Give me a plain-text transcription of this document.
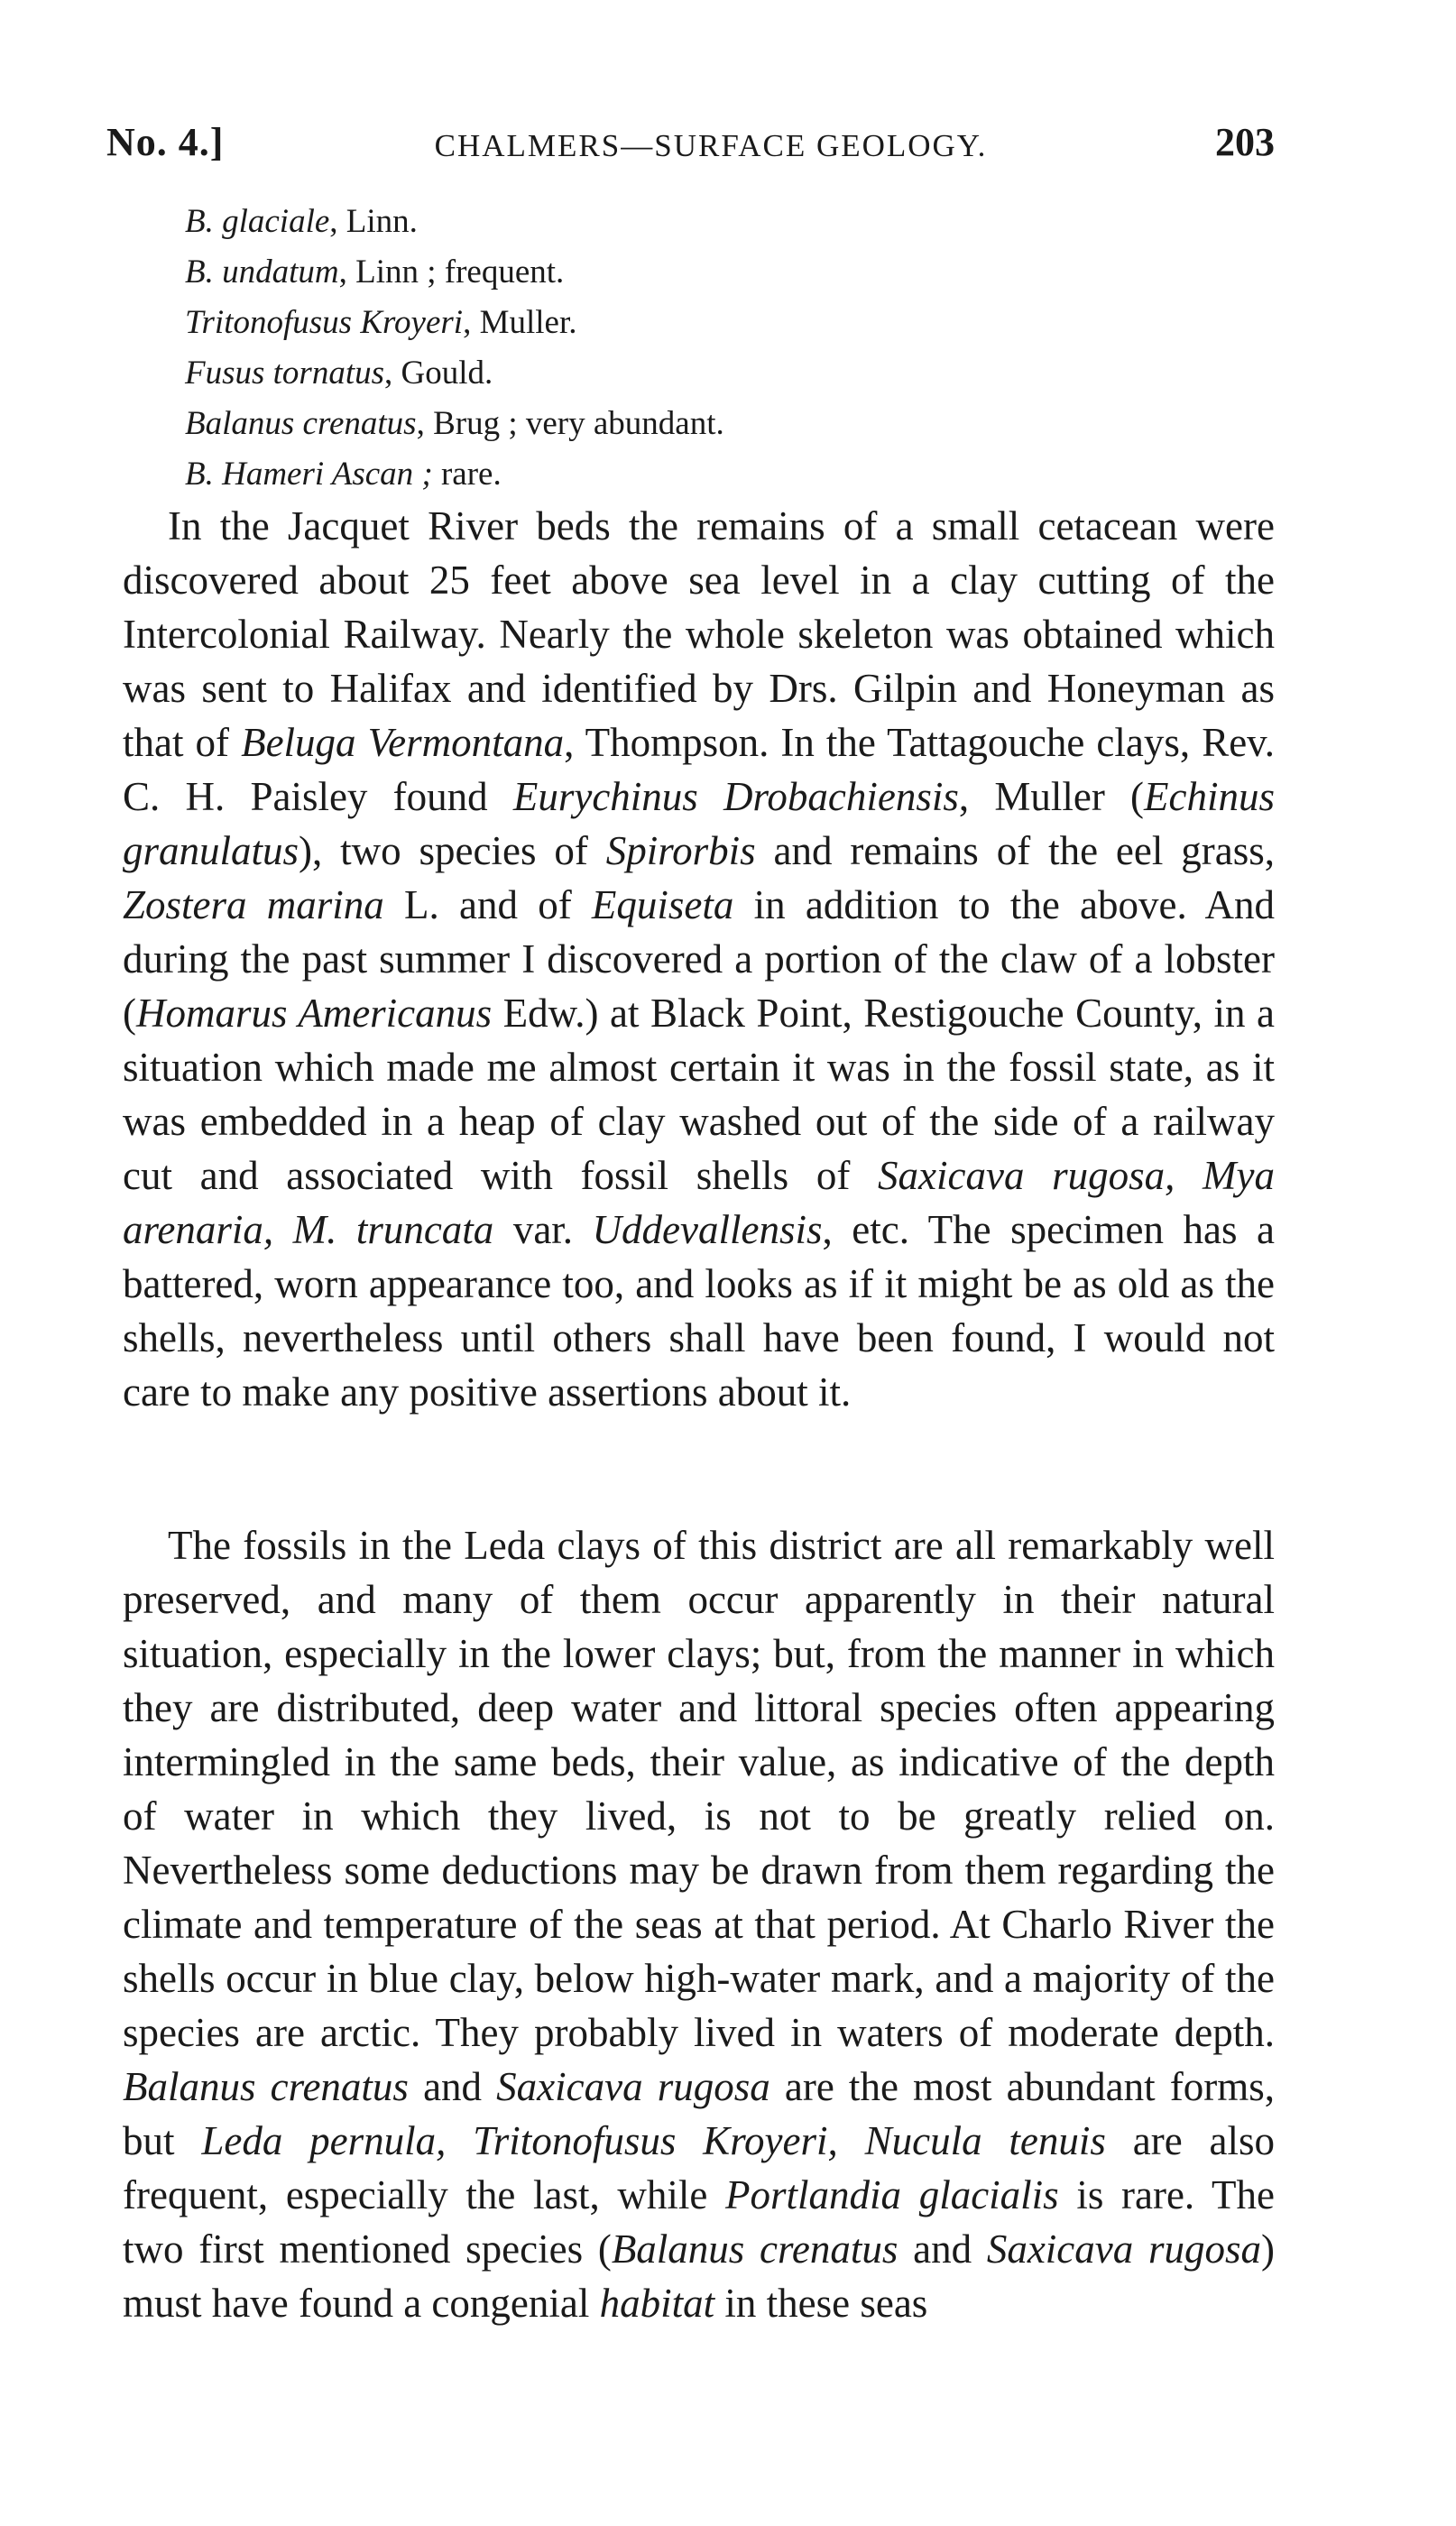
No. 4.]	CHALMERS—SURFACE GEOLOGY.	203
B. glaciale, Linn.
B. undatum, Linn ; frequent.
Tritonofusus Kroyeri, Muller.
Fusus tornatus, Gould.
Balanus crenatus, Brug ; very abundant.
B. Hameri Ascan ; rare.

In the Jacquet River beds the remains of a small cetacean were discovered about 25 feet above sea level in a clay cutting of the Intercolonial Railway. Nearly the whole skeleton was obtained which was sent to Halifax and identified by Drs. Gilpin and Honeyman as that of Beluga Vermontana, Thompson. In the Tattagouche clays, Rev. C. H. Paisley found Eurychinus Drobachiensis, Muller (Echinus granulatus), two species of Spirorbis and remains of the eel grass, Zostera marina L. and of Equiseta in addition to the above. And during the past summer I discovered a portion of the claw of a lobster (Homarus Americanus Edw.) at Black Point, Restigouche County, in a situation which made me almost certain it was in the fossil state, as it was embedded in a heap of clay washed out of the side of a railway cut and associated with fossil shells of Saxicava rugosa, Mya arenaria, M. truncata var. Uddevallensis, etc. The specimen has a battered, worn appearance too, and looks as if it might be as old as the shells, nevertheless until others shall have been found, I would not care to make any positive assertions about it.

The fossils in the Leda clays of this district are all remarkably well preserved, and many of them occur apparently in their natural situation, especially in the lower clays; but, from the manner in which they are distributed, deep water and littoral species often appearing intermingled in the same beds, their value, as indicative of the depth of water in which they lived, is not to be greatly relied on. Nevertheless some deductions may be drawn from them regarding the climate and temperature of the seas at that period. At Charlo River the shells occur in blue clay, below high-water mark, and a majority of the species are arctic. They probably lived in waters of moderate depth. Balanus crenatus and Saxicava rugosa are the most abundant forms, but Leda pernula, Tritonofusus Kroyeri, Nucula tenuis are also frequent, especially the last, while Portlandia glacialis is rare. The two first mentioned species (Balanus crenatus and Saxicava rugosa) must have found a congenial habitat in these seas
